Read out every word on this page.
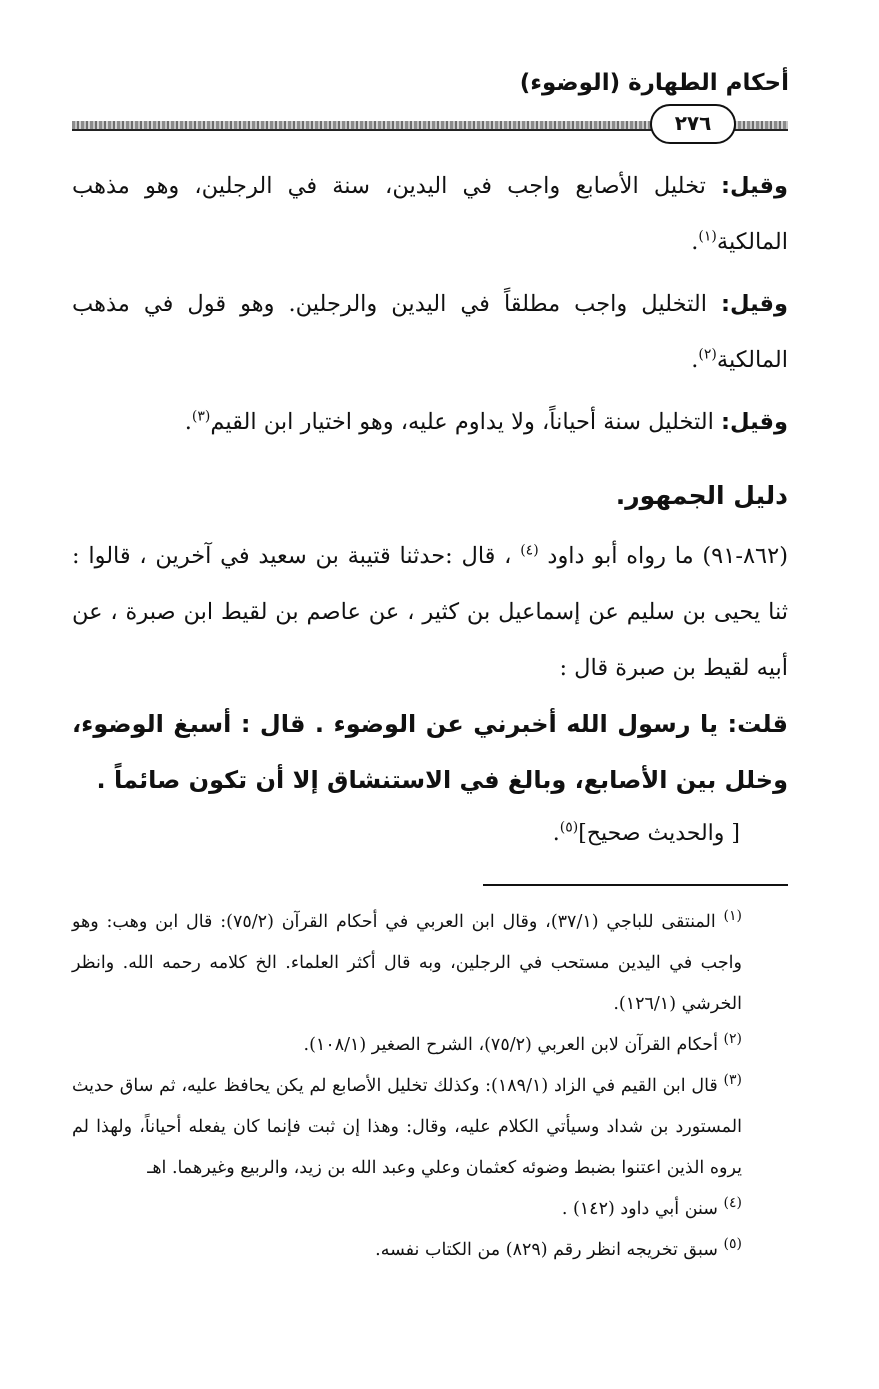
أحكام الطهارة (الوضوء)
٢٧٦

وقيل: تخليل الأصابع واجب في اليدين، سنة في الرجلين، وهو مذهب المالكية$^{(١)}$.

وقيل: التخليل واجب مطلقاً في اليدين والرجلين. وهو قول في مذهب المالكية$^{(٢)}$.

وقيل: التخليل سنة أحياناً، ولا يداوم عليه، وهو اختيار ابن القيم$^{(٣)}$.

دليل الجمهور.

(٨٦٢-٩١) ما رواه أبو داود $^{(٤)}$ ، قال :حدثنا قتيبة بن سعيد في آخرين ، قالوا : ثنا يحيى بن سليم عن إسماعيل بن كثير ، عن عاصم بن لقيط ابن صبرة ، عن أبيه لقيط بن صبرة قال :

قلت: يا رسول الله أخبرني عن الوضوء . قال : أسبغ الوضوء، وخلل بين الأصابع، وبالغ في الاستنشاق إلا أن تكون صائماً .

[ والحديث صحيح]$^{(٥)}$.

$^{(١)}$ المنتقى للباجي (٣٧/١)، وقال ابن العربي في أحكام القرآن (٧٥/٢): قال ابن وهب: وهو واجب في اليدين مستحب في الرجلين، وبه قال أكثر العلماء. الخ كلامه رحمه الله. وانظر الخرشي (١٢٦/١).

$^{(٢)}$ أحكام القرآن لابن العربي (٧٥/٢)، الشرح الصغير (١٠٨/١).

$^{(٣)}$ قال ابن القيم في الزاد (١٨٩/١): وكذلك تخليل الأصابع لم يكن يحافظ عليه، ثم ساق حديث المستورد بن شداد وسيأتي الكلام عليه، وقال: وهذا إن ثبت فإنما كان يفعله أحياناً، ولهذا لم يروه الذين اعتنوا بضبط وضوئه كعثمان وعلي وعبد الله بن زيد، والربيع وغيرهما. اهـ

$^{(٤)}$ سنن أبي داود (١٤٢) .

$^{(٥)}$ سبق تخريجه انظر رقم (٨٢٩) من الكتاب نفسه.
